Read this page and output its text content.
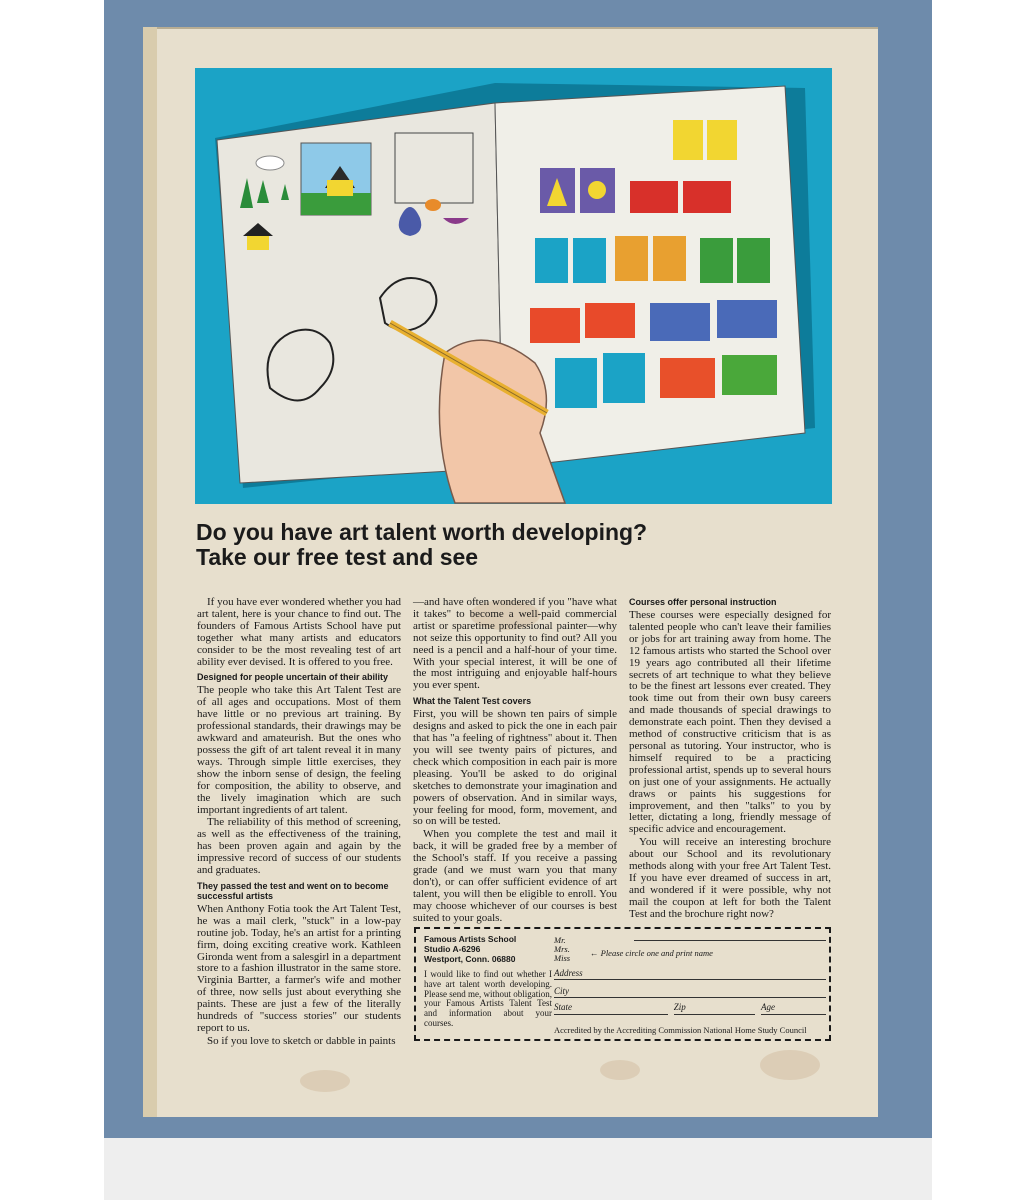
Do you have art talent worth developing?
Take our free test and see

If you have ever wondered whether you had art talent, here is your chance to find out. The founders of Famous Artists School have put together what many artists and educators consider to be the most revealing test of art ability ever devised. It is offered to you free.

Designed for people uncertain of their ability

The people who take this Art Talent Test are of all ages and occupations. Most of them have little or no previous art training. By professional standards, their drawings may be awkward and amateurish. But the ones who possess the gift of art talent reveal it in many ways. Through simple little exercises, they show the inborn sense of design, the feeling for composition, the ability to observe, and the lively imagination which are such important ingredients of art talent.

The reliability of this method of screening, as well as the effectiveness of the training, has been proven again and again by the impressive record of success of our students and graduates.

They passed the test and went on to become successful artists

When Anthony Fotia took the Art Talent Test, he was a mail clerk, "stuck" in a low-pay routine job. Today, he's an artist for a printing firm, doing exciting creative work. Kathleen Gironda went from a salesgirl in a department store to a fashion illustrator in the same store. Virginia Bartter, a farmer's wife and mother of three, now sells just about everything she paints. These are just a few of the literally hundreds of "success stories" our students report to us.

So if you love to sketch or dabble in paints

—and have often wondered if you "have what it takes" to become a well-paid commercial artist or sparetime professional painter—why not seize this opportunity to find out? All you need is a pencil and a half-hour of your time. With your special interest, it will be one of the most intriguing and enjoyable half-hours you ever spent.

What the Talent Test covers

First, you will be shown ten pairs of simple designs and asked to pick the one in each pair that has "a feeling of rightness" about it. Then you will see twenty pairs of pictures, and check which composition in each pair is more pleasing. You'll be asked to do original sketches to demonstrate your imagination and powers of observation. And in similar ways, your feeling for mood, form, movement, and so on will be tested.

When you complete the test and mail it back, it will be graded free by a member of the School's staff. If you receive a passing grade (and we must warn you that many don't), or can offer sufficient evidence of art talent, you will then be eligible to enroll. You may choose whichever of our courses is best suited to your goals.

Courses offer personal instruction

These courses were especially designed for talented people who can't leave their families or jobs for art training away from home. The 12 famous artists who started the School over 19 years ago contributed all their lifetime secrets of art technique to what they believe to be the finest art lessons ever created. They took time out from their own busy careers and made thousands of special drawings to demonstrate each point. Then they devised a method of constructive criticism that is as personal as tutoring. Your instructor, who is himself required to be a practicing professional artist, spends up to several hours on just one of your assignments. He actually draws or paints his suggestions for improvement, and then "talks" to you by letter, dictating a long, friendly message of specific advice and encouragement.

You will receive an interesting brochure about our School and its revolutionary methods along with your free Art Talent Test. If you have ever dreamed of success in art, and wondered if it were possible, why not mail the coupon at left for both the Talent Test and the brochure right now?

Famous Artists School
Studio A-6296
Westport, Conn. 06880
I would like to find out whether I have art talent worth developing. Please send me, without obligation, your Famous Artists Talent Test and information about your courses.
Mr.
Mrs.
Miss	← Please circle one and print name
Address
City
State	Zip	Age
Accredited by the Accrediting Commission National Home Study Council
